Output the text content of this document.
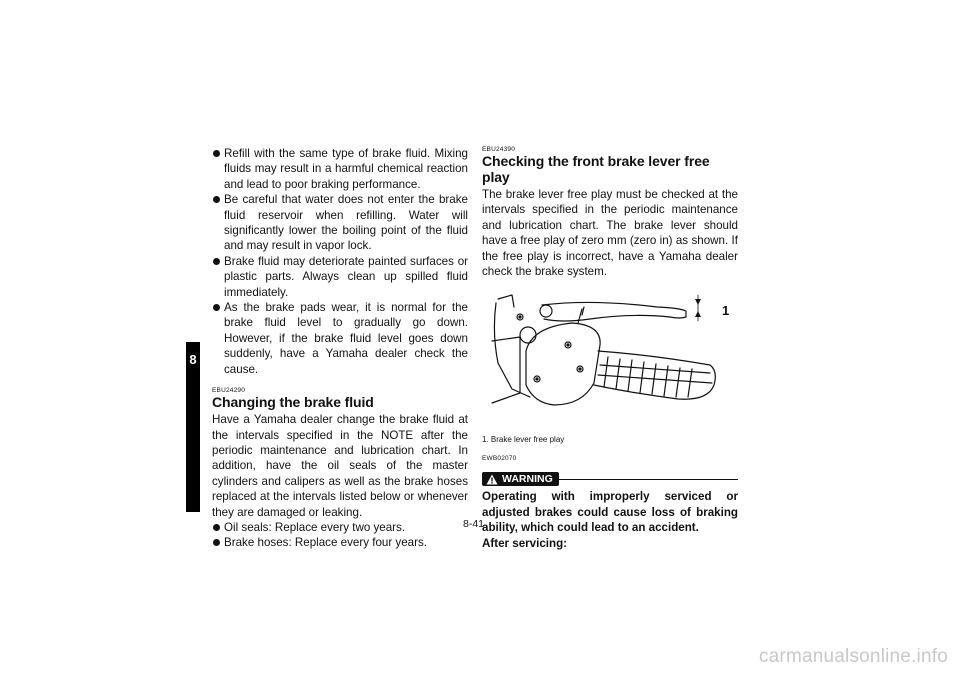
8
Refill with the same type of brake fluid. Mixing fluids may result in a harmful chemical reaction and lead to poor braking performance.
Be careful that water does not enter the brake fluid reservoir when refilling. Water will significantly lower the boiling point of the fluid and may result in vapor lock.
Brake fluid may deteriorate painted surfaces or plastic parts. Always clean up spilled fluid immediately.
As the brake pads wear, it is normal for the brake fluid level to gradually go down. However, if the brake fluid level goes down suddenly, have a Yamaha dealer check the cause.
EBU24290
Changing the brake fluid

Have a Yamaha dealer change the brake fluid at the intervals specified in the NOTE after the periodic maintenance and lubrication chart. In addition, have the oil seals of the master cylinders and calipers as well as the brake hoses replaced at the intervals listed below or whenever they are damaged or leaking.

Oil seals: Replace every two years.
Brake hoses: Replace every four years.
EBU24390
Checking the front brake lever free play

The brake lever free play must be checked at the intervals specified in the periodic maintenance and lubrication chart. The brake lever should have a free play of zero mm (zero in) as shown. If the free play is incorrect, have a Yamaha dealer check the brake system.

1
1. Brake lever free play
EWB02070
WARNING

Operating with improperly serviced or adjusted brakes could cause loss of braking ability, which could lead to an accident.

After servicing:

8-41
carmanualsonline.info
